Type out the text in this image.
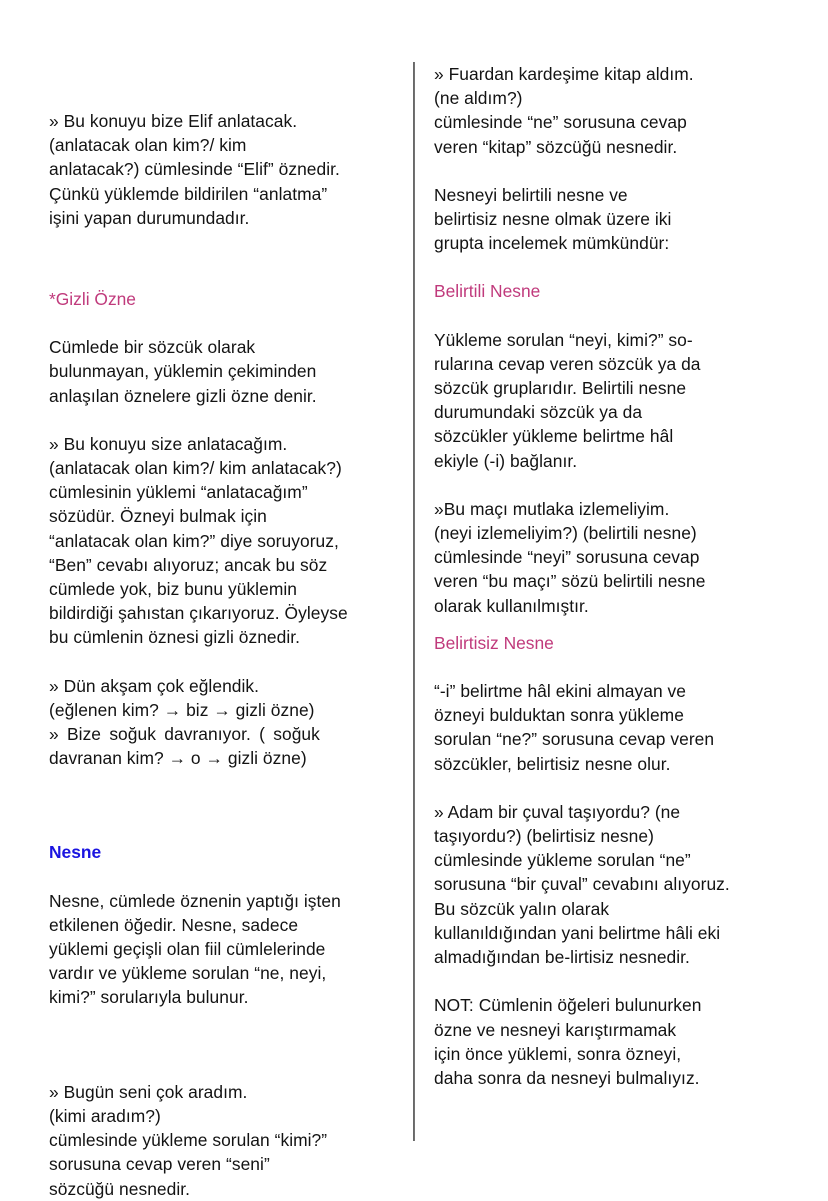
» Bu konuyu bize Elif anlatacak.
(anlatacak olan kim?/ kim
anlatacak?) cümlesinde “Elif” öznedir.
Çünkü yüklemde bildirilen “anlatma”
işini yapan durumundadır.

*Gizli Özne

Cümlede bir sözcük olarak
bulunmayan, yüklemin çekiminden
anlaşılan öznelere gizli özne denir.

» Bu konuyu size anlatacağım.
(anlatacak olan kim?/ kim anlatacak?)
cümlesinin yüklemi “anlatacağım”
sözüdür. Özneyi bulmak için
“anlatacak olan kim?” diye soruyoruz,
“Ben” cevabı alıyoruz; ancak bu söz
cümlede yok, biz bunu yüklemin
bildirdiği şahıstan çıkarıyoruz. Öyleyse
bu cümlenin öznesi gizli öznedir.

» Dün akşam çok eğlendik.
(eğlenen kim? → biz → gizli özne)

» Bize soğuk davranıyor. ( soğuk

davranan kim? → o → gizli özne)

Nesne

Nesne, cümlede öznenin yaptığı işten
etkilenen öğedir. Nesne, sadece
yüklemi geçişli olan fiil cümlelerinde
vardır ve yükleme sorulan “ne, neyi,
kimi?” sorularıyla bulunur.

» Bugün seni çok aradım.
(kimi aradım?)
cümlesinde yükleme sorulan “kimi?”
sorusuna cevap veren “seni”
sözcüğü nesnedir.

» Fuardan kardeşime kitap aldım.
(ne aldım?)
cümlesinde “ne” sorusuna cevap
veren “kitap” sözcüğü nesnedir.

Nesneyi belirtili nesne ve
belirtisiz nesne olmak üzere iki
grupta incelemek mümkündür:

Belirtili Nesne

Yükleme sorulan “neyi, kimi?” so-
rularına cevap veren sözcük ya da
sözcük gruplarıdır. Belirtili nesne
durumundaki sözcük ya da
sözcükler yükleme belirtme hâl
ekiyle (-i) bağlanır.

»Bu maçı mutlaka izlemeliyim.
(neyi izlemeliyim?) (belirtili nesne)
cümlesinde “neyi” sorusuna cevap
veren “bu maçı” sözü belirtili nesne
olarak kullanılmıştır.

Belirtisiz Nesne

“-i” belirtme hâl ekini almayan ve
özneyi bulduktan sonra yükleme
sorulan “ne?” sorusuna cevap veren
sözcükler, belirtisiz nesne olur.

» Adam bir çuval taşıyordu? (ne
taşıyordu?) (belirtisiz nesne)
cümlesinde yükleme sorulan “ne”
sorusuna “bir çuval” cevabını alıyoruz.
Bu sözcük yalın olarak
kullanıldığından yani belirtme hâli eki
almadığından be-lirtisiz nesnedir.

NOT: Cümlenin öğeleri bulunurken
özne ve nesneyi karıştırmamak
için önce yüklemi, sonra özneyi,
daha sonra da nesneyi bulmalıyız.
